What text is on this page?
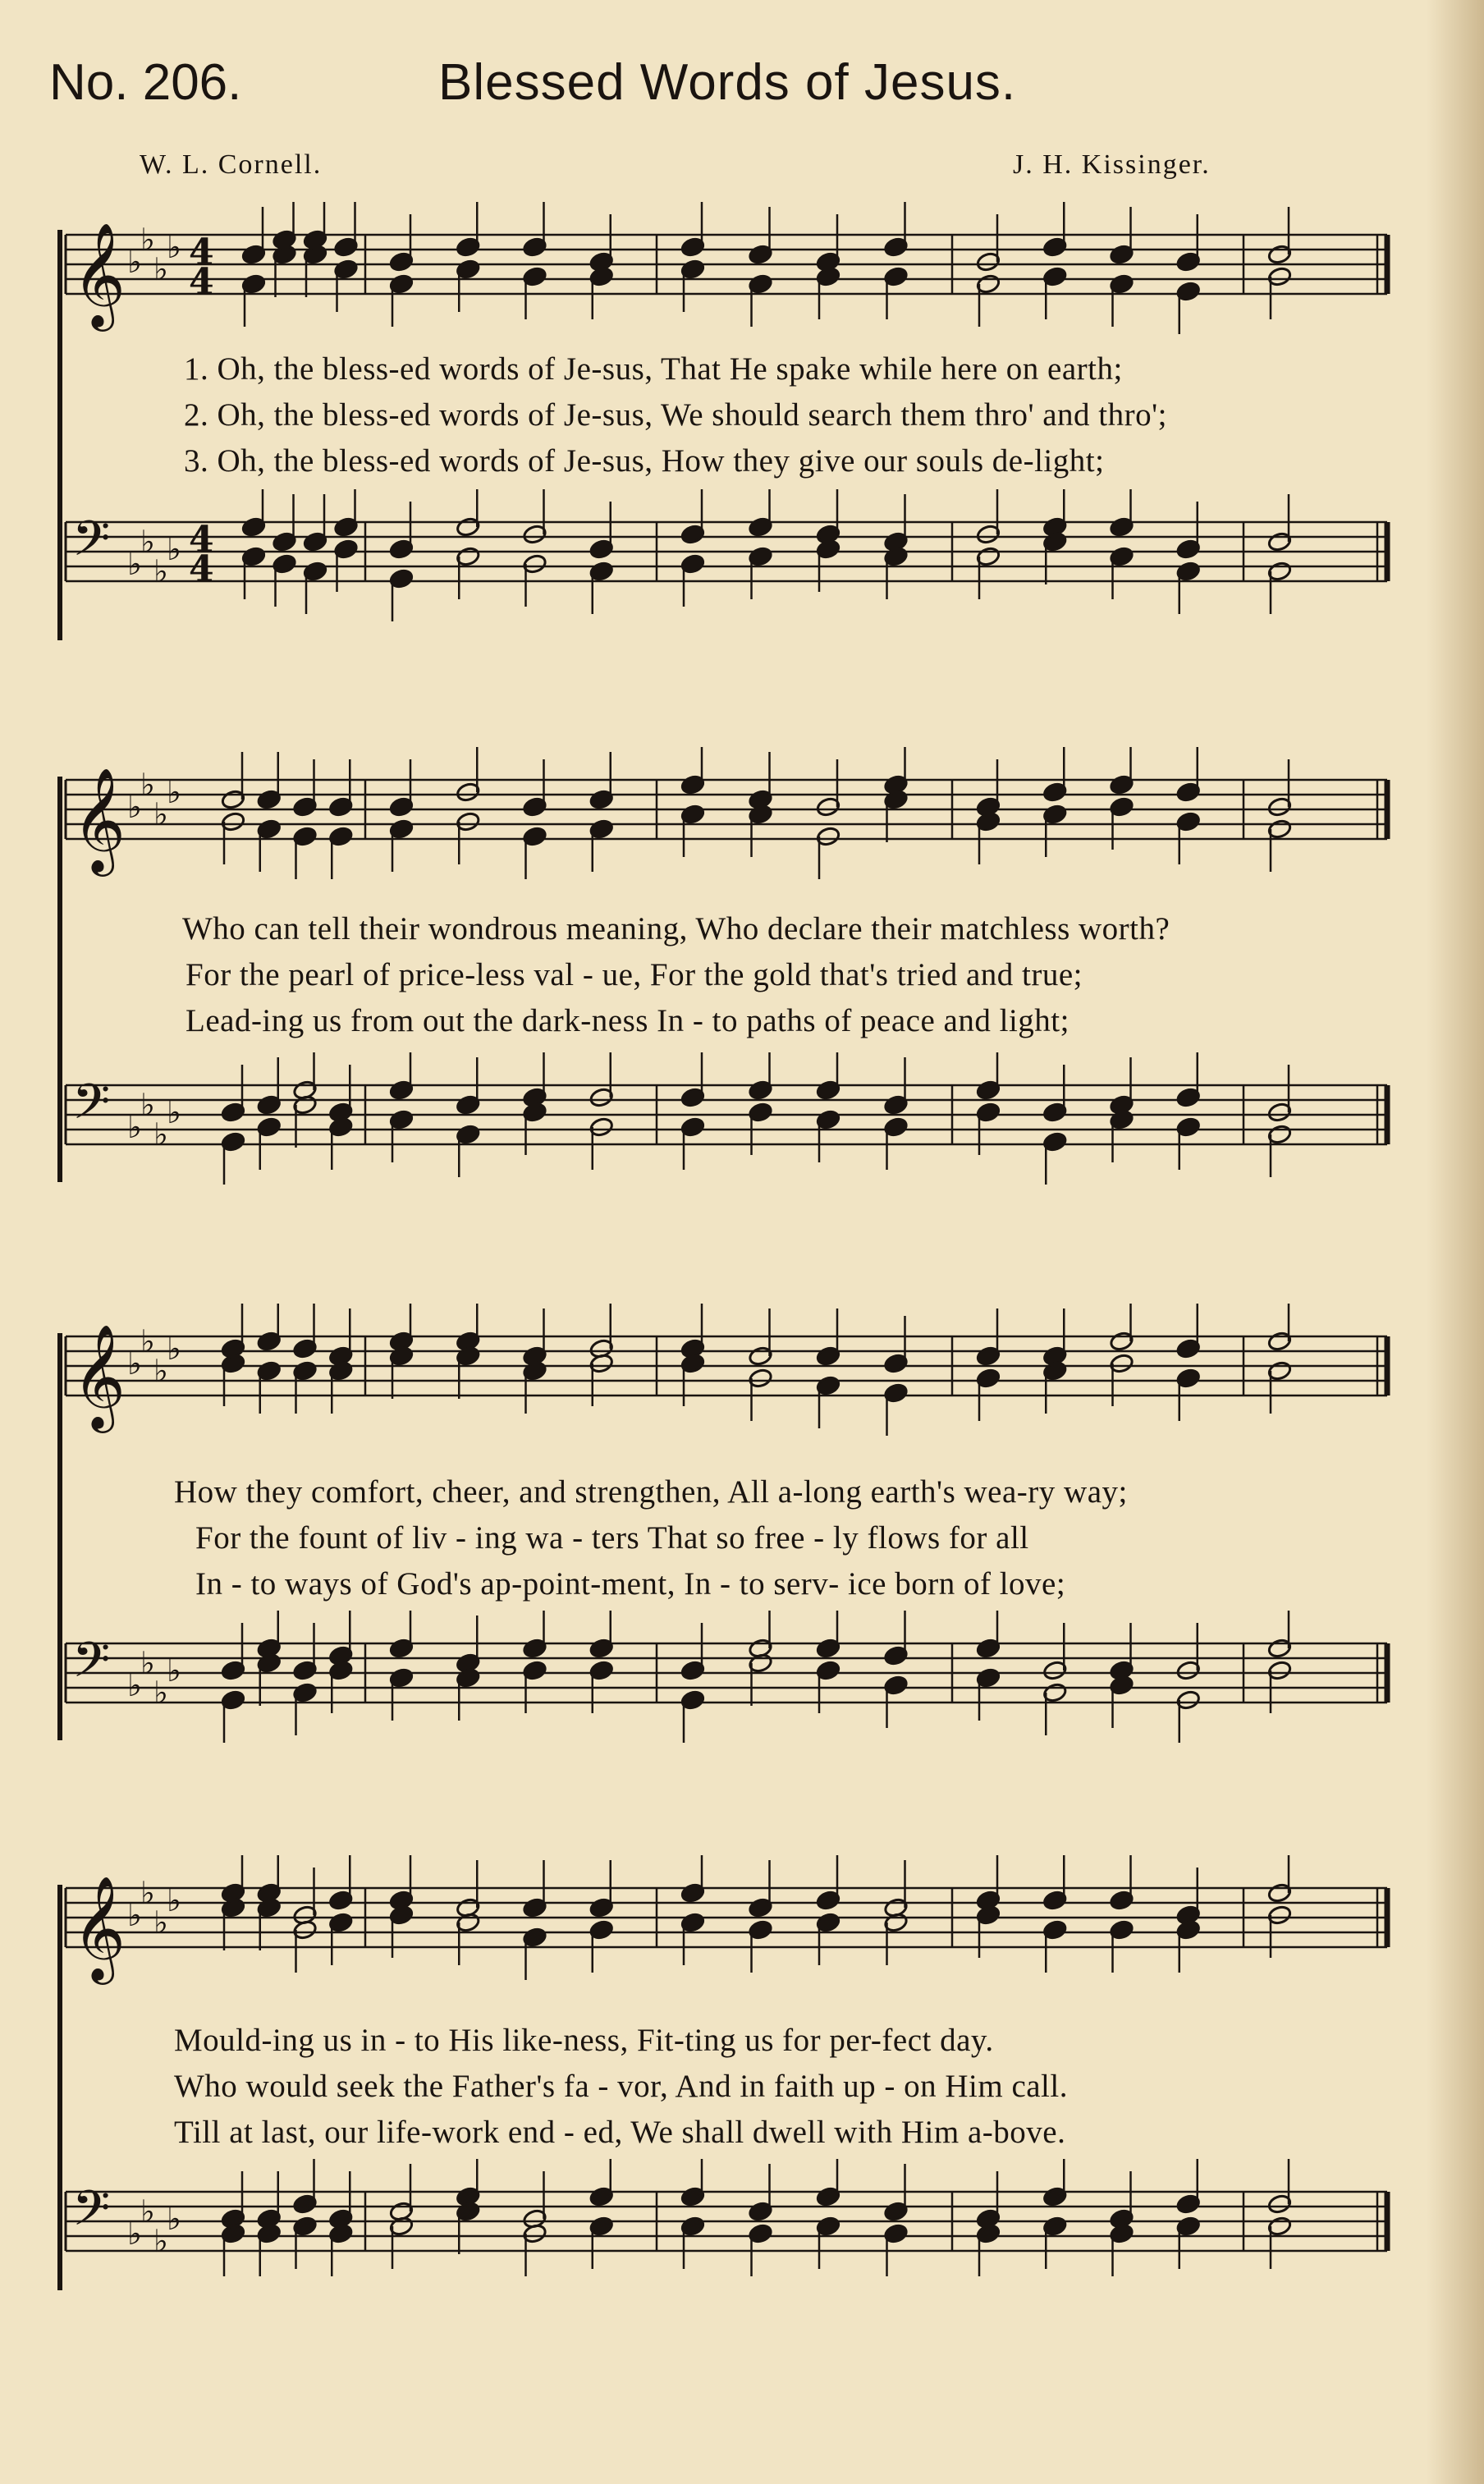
No. 206.	Blessed Words of Jesus.
W. L. Cornell.	J. H. Kissinger.
𝄞 ♭
♭
♭
♭ 4
4
1. Oh, the bless-ed words of Je-sus, That He spake while here on earth;
2. Oh, the bless-ed words of Je-sus, We should search them thro' and thro';
3. Oh, the bless-ed words of Je-sus, How they give our souls de-light;
𝄢 ♭
♭
♭
♭ 4
4
𝄞 ♭
♭
♭
♭
Who can tell their wondrous meaning, Who declare their matchless worth?
For the pearl of price-less val - ue, For the gold that's tried and true;
Lead-ing us from out the dark-ness In - to paths of peace and light;
𝄢 ♭
♭
♭
♭
𝄞 ♭
♭
♭
♭
How they comfort, cheer, and strengthen, All a-long earth's wea-ry way;
For the fount of liv - ing wa - ters That so free - ly flows for all
In - to ways of God's ap-point-ment, In - to serv- ice born of love;
𝄢 ♭
♭
♭
♭
𝄞 ♭
♭
♭
♭
Mould-ing us in - to His like-ness, Fit-ting us for per-fect day.
Who would seek the Father's fa - vor, And in faith up - on Him call.
Till at last, our life-work end - ed, We shall dwell with Him a-bove.
𝄢 ♭
♭
♭
♭
